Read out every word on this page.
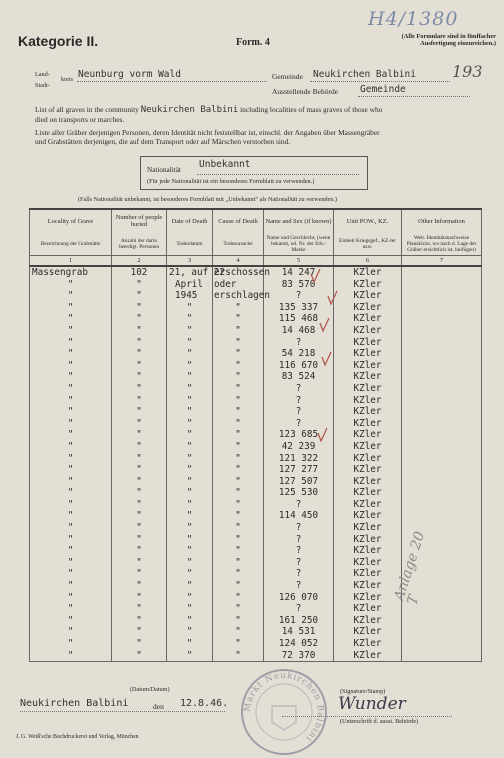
H4/1380
Kategorie II.	Form. 4
(Alle Formulare sind in fünffacher
Ausfertigung einzureichen.)
193
Land-
kreis
Stadt-
Neunburg vorm Wald	Gemeinde Neukirchen Balbini
Ausstellende Behörde Gemeinde
List of all graves in the community Neukirchen Balbini including localities of mass graves of those who
died on transports or marches.
Liste aller Gräber derjenigen Personen, deren Identität nicht feststellbar ist, einschl. der Angaben über Massengräber
und Grabstätten derjenigen, die auf dem Transport oder auf Märschen verstorben sind.
Nationalität Unbekannt
(Für jede Nationalität ist ein besonderes Formblatt zu verwenden.)
(Falls Nationalität unbekannt, ist besonderes Formblatt mit „Unbekannt“ als Nationalität zu verwenden.)
Locality of Grave	Number of people buried	Date of Death	Cause of Death	Name and Sex (if known)	Unit POW., KZ.	Other Information
Bezeichnung der Grabstätte	Anzahl der darin beerdigt. Personen	Todesdatum	Todesursache	Name und Geschlecht, (wenn bekannt, od. Nr. der Erk.-Marke	Einheit Kriegsgef., KZ-ler usw.	Weit. Identitätsnachweise Planskizze, wo nach d. Lage der Gräber ersichtlich ist, beifügen)
1	2	3	4	5	6	7
Massengrab	102	21, auf 22	erschossen	14 247	KZler	
"	"	April	oder	83 570	KZler	
"	"	1945	erschlagen	?	KZler	
"	"	"	"	135 337	KZler	
"	"	"	"	115 468	KZler	
"	"	"	"	14 468	KZler	
"	"	"	"	?	KZler	
"	"	"	"	54 218	KZler	
"	"	"	"	116 670	KZler	
"	"	"	"	83 524	KZler	
"	"	"	"	?	KZler	
"	"	"	"	?	KZler	
"	"	"	"	?	KZler	
"	"	"	"	?	KZler	
"	"	"	"	123 685	KZler	
"	"	"	"	42 239	KZler	
"	"	"	"	121 322	KZler	
"	"	"	"	127 277	KZler	
"	"	"	"	127 507	KZler	
"	"	"	"	125 530	KZler	
"	"	"	"	?	KZler	
"	"	"	"	114 450	KZler	
"	"	"	"	?	KZler	
"	"	"	"	?	KZler	
"	"	"	"	?	KZler	
"	"	"	"	?	KZler	
"	"	"	"	?	KZler	
"	"	"	"	?	KZler	
"	"	"	"	126 070	KZler	
"	"	"	"	?	KZler	
"	"	"	"	161 250	KZler	
"	"	"	"	14 531	KZler	
"	"	"	"	124 052	KZler	
"	"	"	"	72 370	KZler	
Anlage 20 T
Neukirchen Balbini	den 12.8.46.
(Datum/Datum)	(Signature/Stamp)
Wunder
(Unterschrift d. ausst. Behörde)
Markt Neukirchen Balbini
J. G. Weiß'sche Buchdruckerei und Verlag, München
